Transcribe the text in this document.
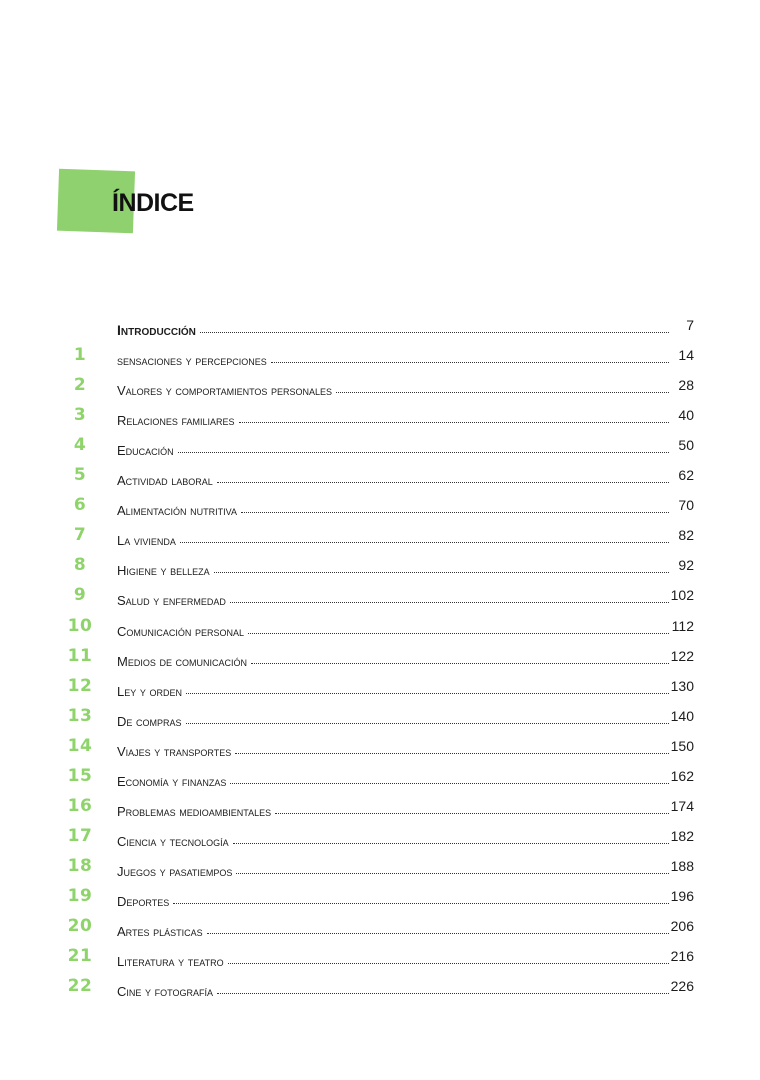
ÍNDICE
Introducción	7
1	sensaciones y percepciones	14
2	Valores y comportamientos personales	28
3	Relaciones familiares	40
4	Educación	50
5	Actividad laboral	62
6	Alimentación nutritiva	70
7	La vivienda	82
8	Higiene y belleza	92
9	Salud y enfermedad	102
10	Comunicación personal	112
11	Medios de comunicación	122
12	Ley y orden	130
13	De compras	140
14	Viajes y transportes	150
15	Economía y finanzas	162
16	Problemas medioambientales	174
17	Ciencia y tecnología	182
18	Juegos y pasatiempos	188
19	Deportes	196
20	Artes plásticas	206
21	Literatura y teatro	216
22	Cine y fotografía	226
